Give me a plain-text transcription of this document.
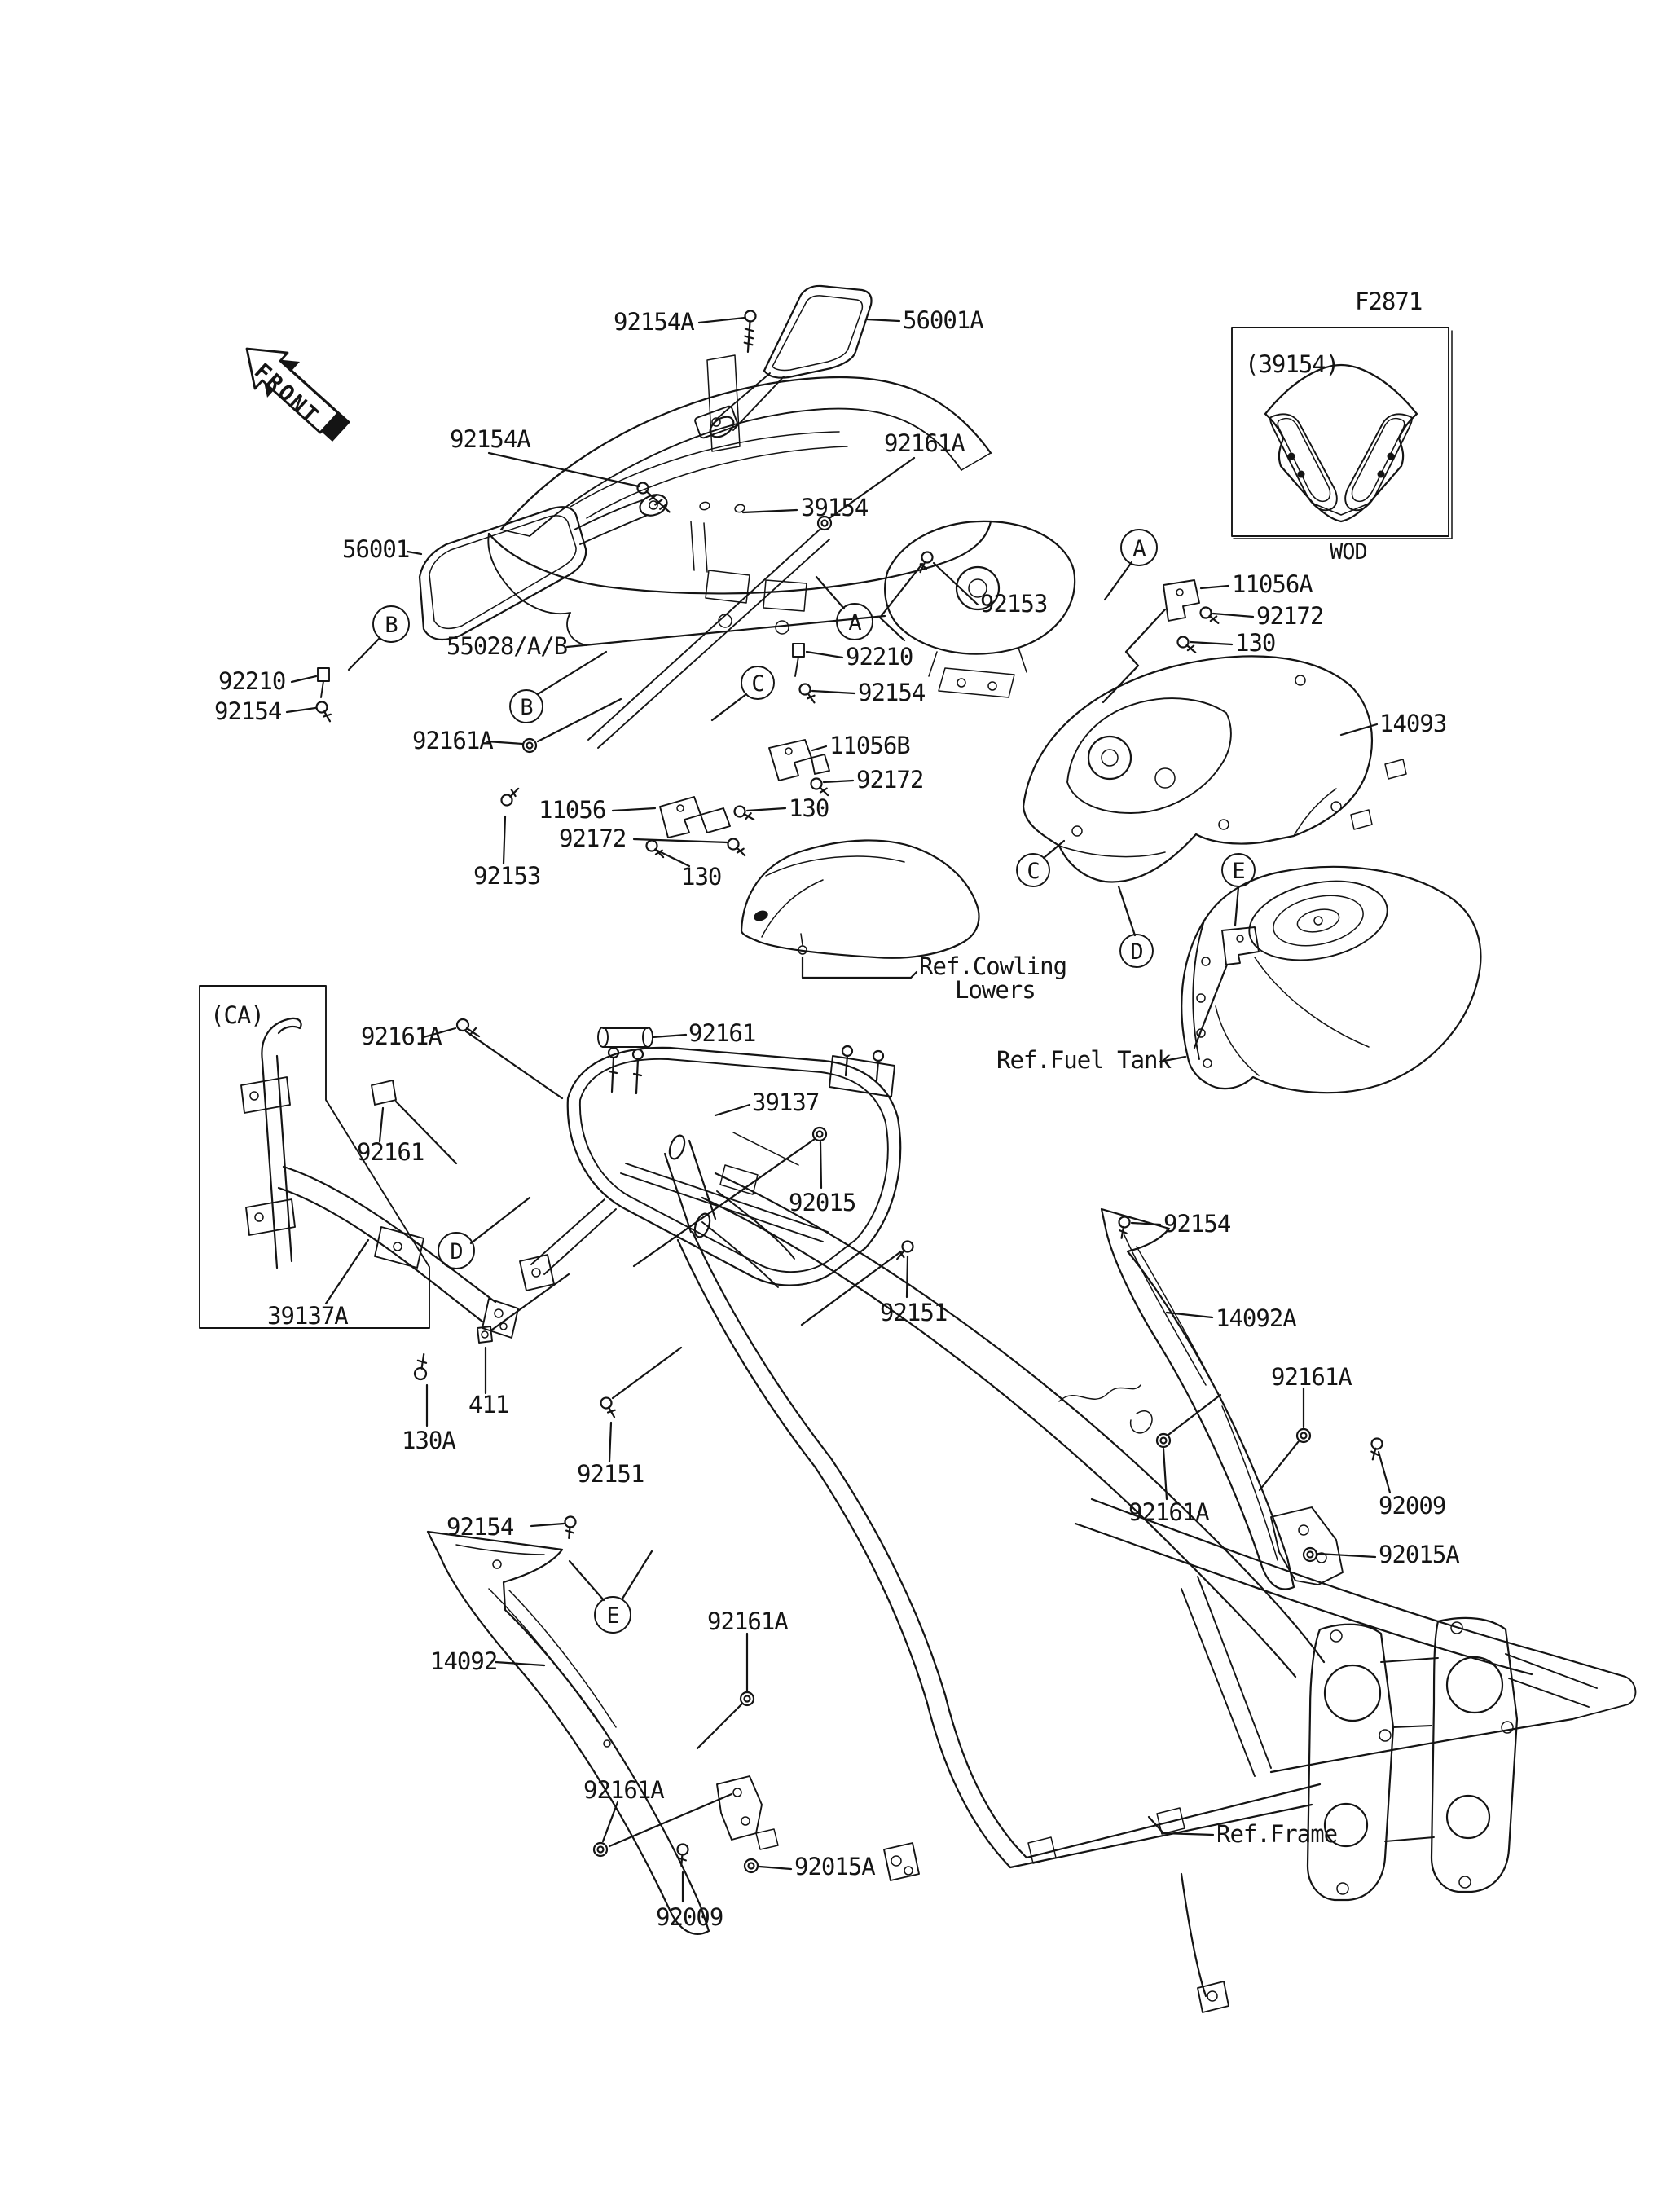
FRONT
F2871
(39154)
WOD
(CA)
A
A
B
B
C
C
D
D
E
E
92154A	56001A
92154A	92161A
56001
39154
92153
11056A
92172
130
55028/A/B
92210
92154
92210
92154
92161A	11056B
92172
11056
92172
130
92153	130
14093
92161
92161A
39137
92161
92015
39137A	92151
92154
14092A
411
130A
92151
92161A
92154
92161A	92009
92015A
14092
92161A
92161A
92015A
92009
Ref.Cowling
Lowers
Ref.Fuel Tank
Ref.Frame
